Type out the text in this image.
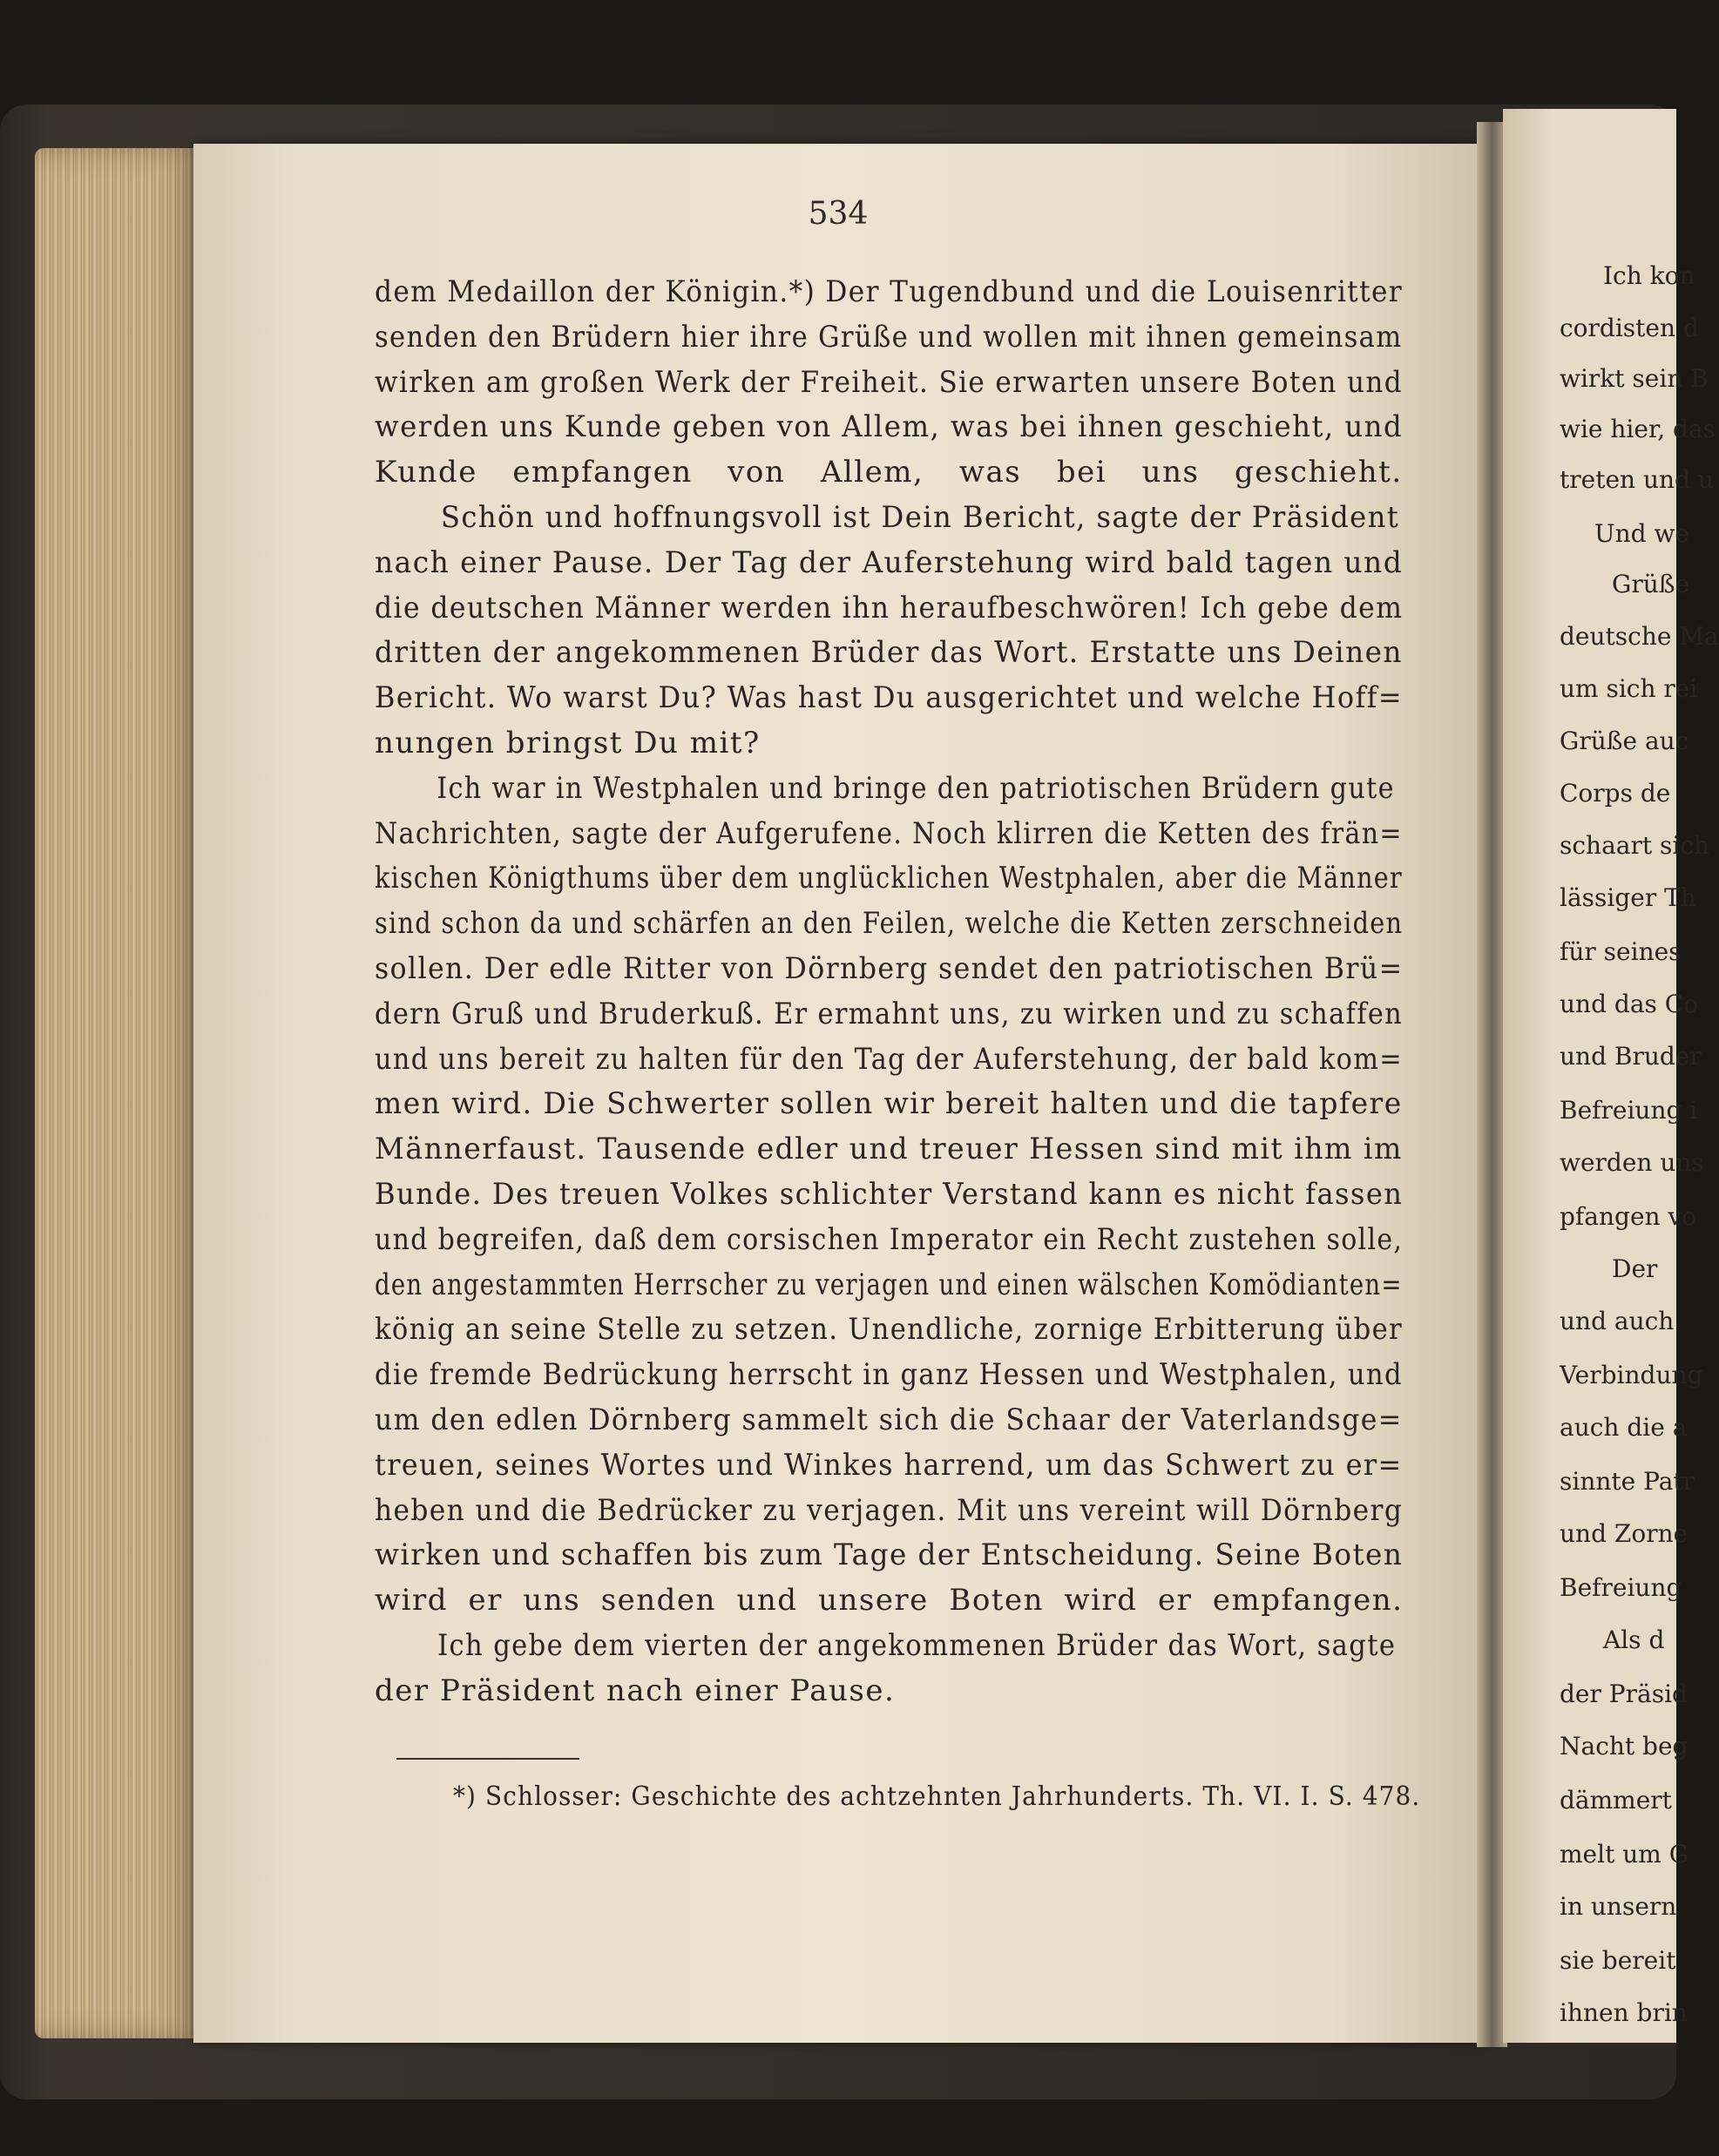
534
dem Medaillon der Königin.*) Der Tugendbund und die Louisenritter
senden den Brüdern hier ihre Grüße und wollen mit ihnen gemeinsam
wirken am großen Werk der Freiheit. Sie erwarten unsere Boten und
werden uns Kunde geben von Allem, was bei ihnen geschieht, und
Kunde empfangen von Allem, was bei uns geschieht.
Schön und hoffnungsvoll ist Dein Bericht, sagte der Präsident
nach einer Pause. Der Tag der Auferstehung wird bald tagen und
die deutschen Männer werden ihn heraufbeschwören! Ich gebe dem
dritten der angekommenen Brüder das Wort. Erstatte uns Deinen
Bericht. Wo warst Du? Was hast Du ausgerichtet und welche Hoff=
nungen bringst Du mit?
Ich war in Westphalen und bringe den patriotischen Brüdern gute
Nachrichten, sagte der Aufgerufene. Noch klirren die Ketten des frän=
kischen Königthums über dem unglücklichen Westphalen, aber die Männer
sind schon da und schärfen an den Feilen, welche die Ketten zerschneiden
sollen. Der edle Ritter von Dörnberg sendet den patriotischen Brü=
dern Gruß und Bruderkuß. Er ermahnt uns, zu wirken und zu schaffen
und uns bereit zu halten für den Tag der Auferstehung, der bald kom=
men wird. Die Schwerter sollen wir bereit halten und die tapfere
Männerfaust. Tausende edler und treuer Hessen sind mit ihm im
Bunde. Des treuen Volkes schlichter Verstand kann es nicht fassen
und begreifen, daß dem corsischen Imperator ein Recht zustehen solle,
den angestammten Herrscher zu verjagen und einen wälschen Komödianten=
könig an seine Stelle zu setzen. Unendliche, zornige Erbitterung über
die fremde Bedrückung herrscht in ganz Hessen und Westphalen, und
um den edlen Dörnberg sammelt sich die Schaar der Vaterlandsge=
treuen, seines Wortes und Winkes harrend, um das Schwert zu er=
heben und die Bedrücker zu verjagen. Mit uns vereint will Dörnberg
wirken und schaffen bis zum Tage der Entscheidung. Seine Boten
wird er uns senden und unsere Boten wird er empfangen.
Ich gebe dem vierten der angekommenen Brüder das Wort, sagte
der Präsident nach einer Pause.
*) Schlosser: Geschichte des achtzehnten Jahrhunderts. Th. VI. I. S. 478.
Ich kon
cordisten d
wirkt sein B
wie hier, das
treten und u
Und we
Grüße
deutsche Ma
um sich rei
Grüße auc
Corps de
schaart sich
lässiger Th
für seines
und das Co
und Bruder
Befreiung i
werden uns
pfangen vo
Der
und auch
Verbindung
auch die a
sinnte Patr
und Zorne
Befreiung
Als d
der Präsid
Nacht beg
dämmert
melt um G
in unsern
sie bereit
ihnen brin
